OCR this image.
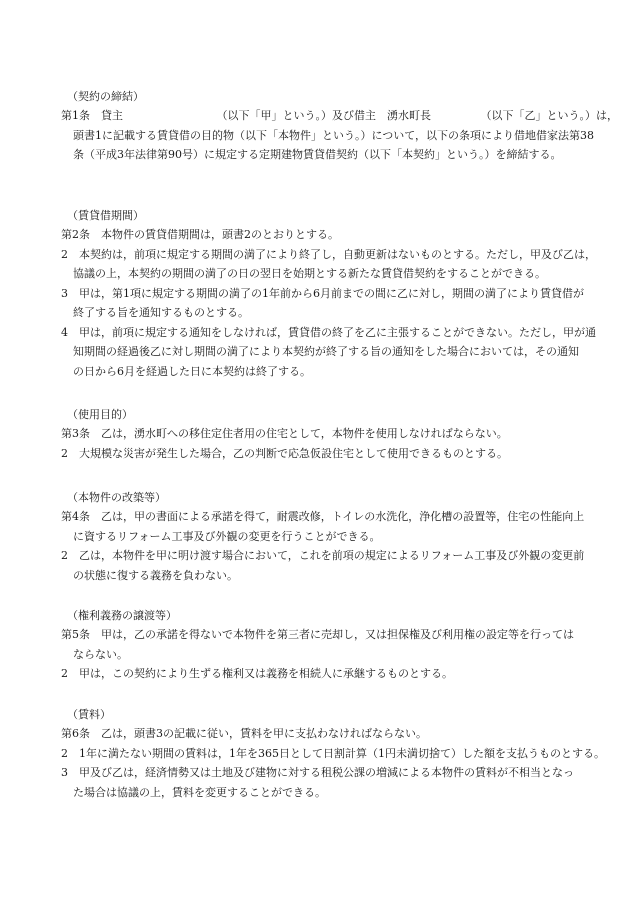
（契約の締結）
第1条　貸主　　　　　　　　　（以下「甲」という。）及び借主　湧水町長　　　　　（以下「乙」という。）は，
頭書1に記載する賃貸借の目的物（以下「本物件」という。）について，以下の条項により借地借家法第38
条（平成3年法律第90号）に規定する定期建物賃貸借契約（以下「本契約」という。）を締結する。
（賃貸借期間）
第2条　本物件の賃貸借期間は，頭書2のとおりとする。
2　本契約は，前項に規定する期間の満了により終了し，自動更新はないものとする。ただし，甲及び乙は，
協議の上，本契約の期間の満了の日の翌日を始期とする新たな賃貸借契約をすることができる。
3　甲は，第1項に規定する期間の満了の1年前から6月前までの間に乙に対し，期間の満了により賃貸借が
終了する旨を通知するものとする。
4　甲は，前項に規定する通知をしなければ，賃貸借の終了を乙に主張することができない。ただし，甲が通
知期間の経過後乙に対し期間の満了により本契約が終了する旨の通知をした場合においては，その通知
の日から6月を経過した日に本契約は終了する。
（使用目的）
第3条　乙は，湧水町への移住定住者用の住宅として，本物件を使用しなければならない。
2　大規模な災害が発生した場合，乙の判断で応急仮設住宅として使用できるものとする。
（本物件の改築等）
第4条　乙は，甲の書面による承諾を得て，耐震改修，トイレの水洗化，浄化槽の設置等，住宅の性能向上
に資するリフォーム工事及び外観の変更を行うことができる。
2　乙は，本物件を甲に明け渡す場合において，これを前項の規定によるリフォーム工事及び外観の変更前
の状態に復する義務を負わない。
（権利義務の譲渡等）
第5条　甲は，乙の承諾を得ないで本物件を第三者に売却し，又は担保権及び利用権の設定等を行っては
ならない。
2　甲は，この契約により生ずる権利又は義務を相続人に承継するものとする。
（賃料）
第6条　乙は，頭書3の記載に従い，賃料を甲に支払わなければならない。
2　1年に満たない期間の賃料は，1年を365日として日割計算（1円未満切捨て）した額を支払うものとする。
3　甲及び乙は，経済情勢又は土地及び建物に対する租税公課の増減による本物件の賃料が不相当となっ
た場合は協議の上，賃料を変更することができる。
